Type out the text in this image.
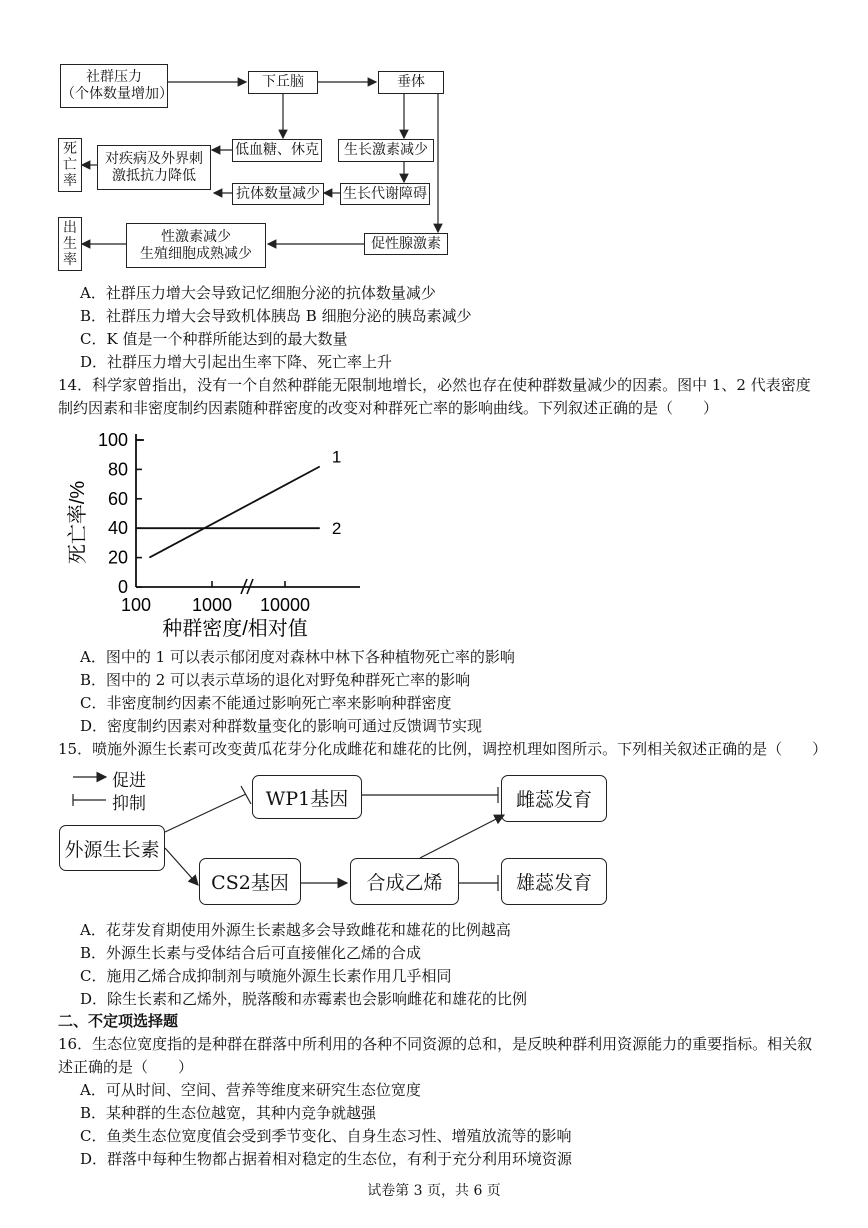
社群压力
（个体数量增加）
下丘脑	垂体
低血糖、休克	生长激素减少
对疾病及外界刺
激抵抗力降低
死亡率
抗体数量减少 生长代谢障碍
促性腺激素
性激素减少
生殖细胞成熟减少
出生率
A．社群压力增大会导致记忆细胞分泌的抗体数量减少
B．社群压力增大会导致机体胰岛 B 细胞分泌的胰岛素减少
C．K 值是一个种群所能达到的最大数量
D．社群压力增大引起出生率下降、死亡率上升
14．科学家曾指出，没有一个自然种群能无限制地增长，必然也存在使种群数量减少的因素。图中 1、2 代表密度
制约因素和非密度制约因素随种群密度的改变对种群死亡率的影响曲线。下列叙述正确的是（　　）
0
20
40
60
80
100
100 1000 10000
种群密度/相对值
死亡率/%
1
2
A．图中的 1 可以表示郁闭度对森林中林下各种植物死亡率的影响
B．图中的 2 可以表示草场的退化对野兔种群死亡率的影响
C．非密度制约因素不能通过影响死亡率来影响种群密度
D．密度制约因素对种群数量变化的影响可通过反馈调节实现
15．喷施外源生长素可改变黄瓜花芽分化成雌花和雄花的比例，调控机理如图所示。下列相关叙述正确的是（　　）
促进
抑制
外源生长素
WP1基因
CS2基因	合成乙烯
雌蕊发育
雄蕊发育
A．花芽发育期使用外源生长素越多会导致雌花和雄花的比例越高
B．外源生长素与受体结合后可直接催化乙烯的合成
C．施用乙烯合成抑制剂与喷施外源生长素作用几乎相同
D．除生长素和乙烯外，脱落酸和赤霉素也会影响雌花和雄花的比例
二、不定项选择题
16．生态位宽度指的是种群在群落中所利用的各种不同资源的总和，是反映种群利用资源能力的重要指标。相关叙
述正确的是（　　）
A．可从时间、空间、营养等维度来研究生态位宽度
B．某种群的生态位越宽，其种内竞争就越强
C．鱼类生态位宽度值会受到季节变化、自身生态习性、增殖放流等的影响
D．群落中每种生物都占据着相对稳定的生态位，有利于充分利用环境资源
试卷第 3 页，共 6 页
